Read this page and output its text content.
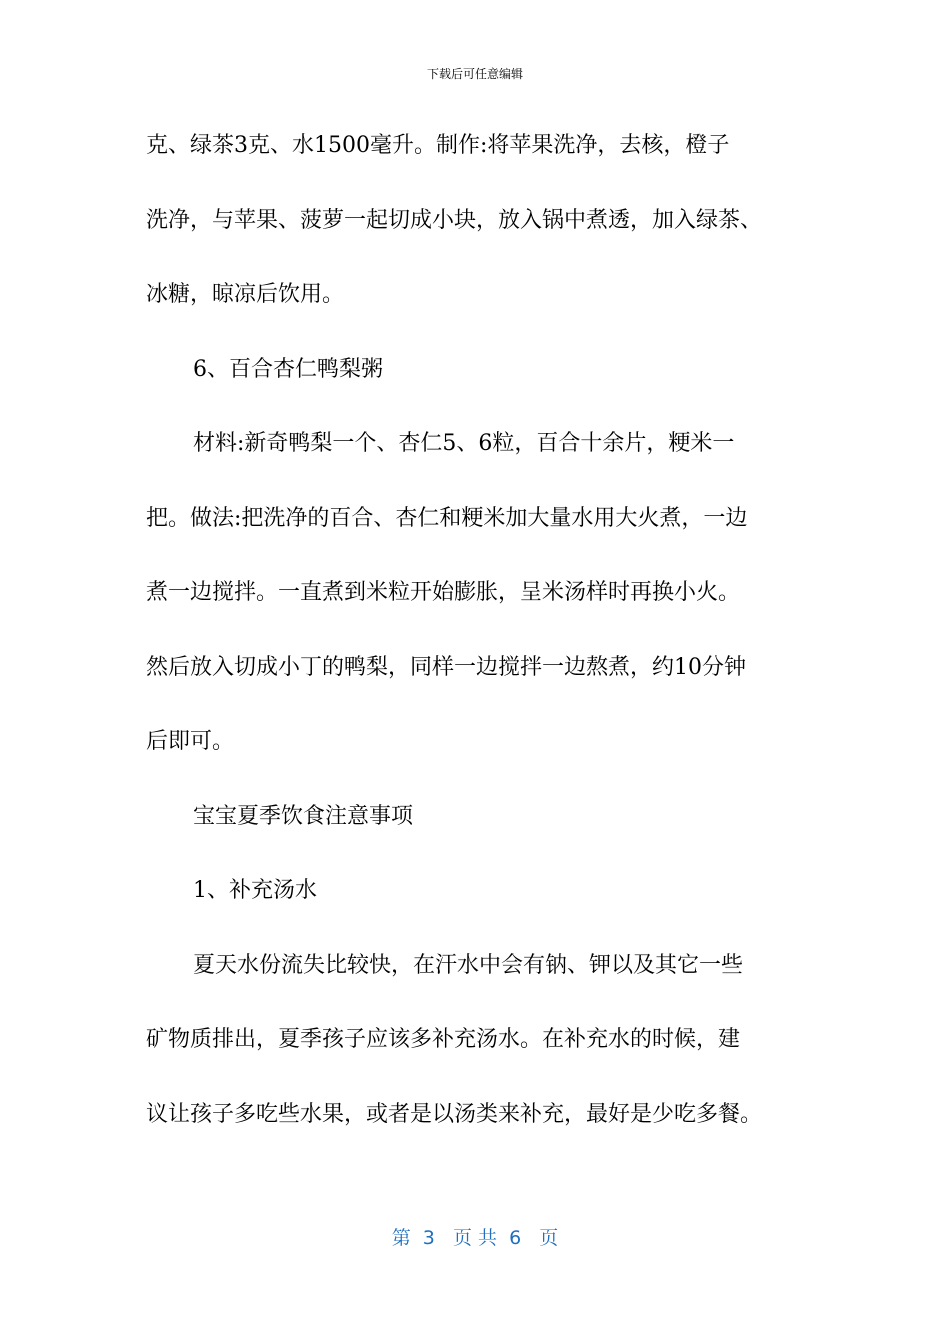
下载后可任意编辑
克、绿茶3克、水1500毫升。制作:将苹果洗净，去核，橙子
洗净，与苹果、菠萝一起切成小块，放入锅中煮透，加入绿茶、
冰糖，晾凉后饮用。
6、百合杏仁鸭梨粥
材料:新奇鸭梨一个、杏仁5、6粒，百合十余片，粳米一
把。做法:把洗净的百合、杏仁和粳米加大量水用大火煮，一边
煮一边搅拌。一直煮到米粒开始膨胀，呈米汤样时再换小火。
然后放入切成小丁的鸭梨，同样一边搅拌一边熬煮，约10分钟
后即可。
宝宝夏季饮食注意事项
1、补充汤水
夏天水份流失比较快，在汗水中会有钠、钾以及其它一些
矿物质排出，夏季孩子应该多补充汤水。在补充水的时候，建
议让孩子多吃些水果，或者是以汤类来补充，最好是少吃多餐。
第  3   页 共  6   页
